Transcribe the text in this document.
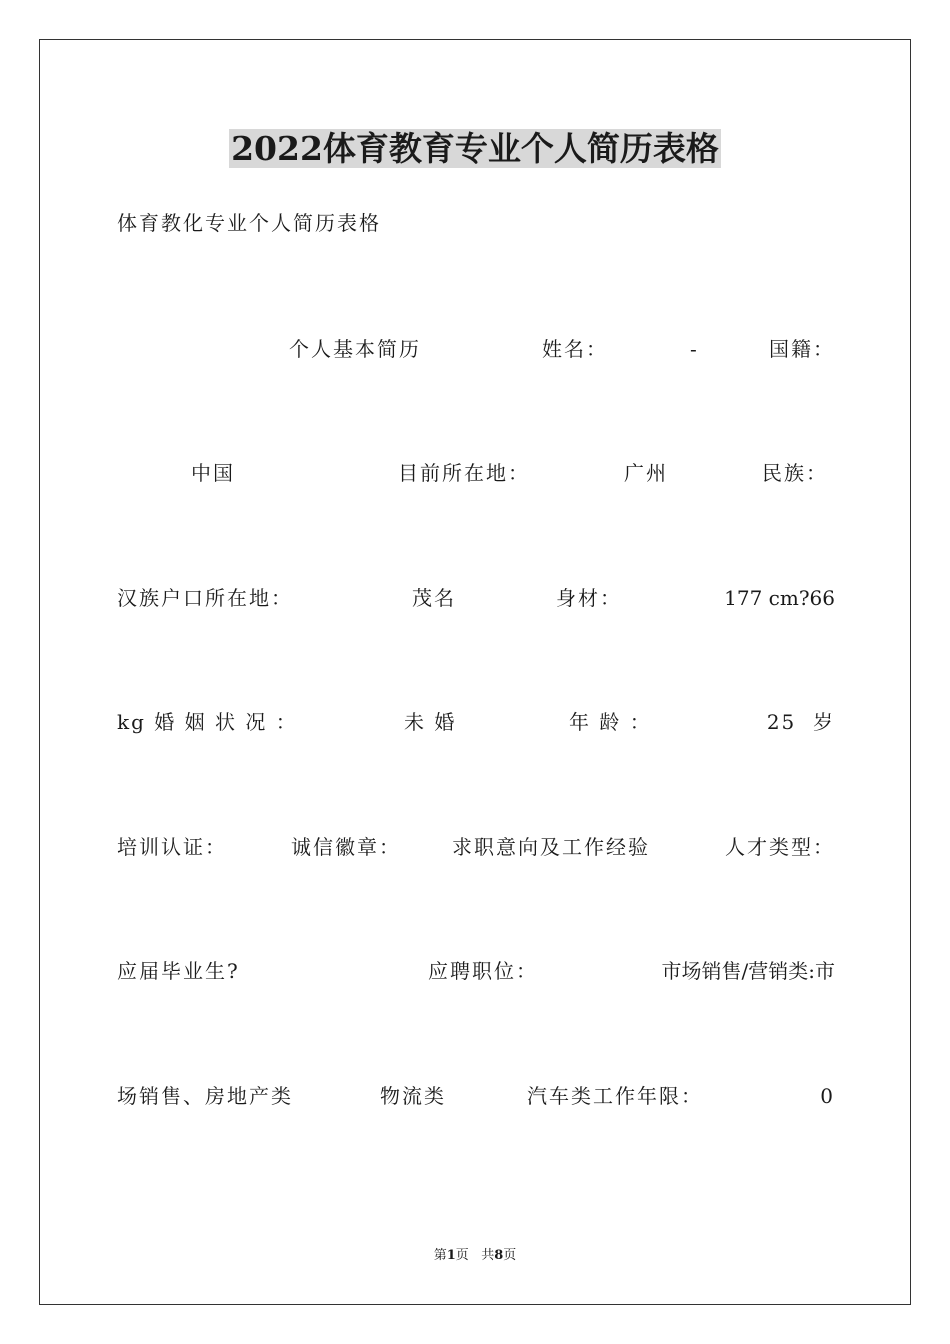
2022体育教育专业个人简历表格
体育教化专业个人简历表格
个人基本简历	姓名：	-	国籍：
中国	目前所在地：	广州	民族：
汉族户口所在地：	茂名	身材：	177 cm?66
kg 婚 姻 状 况 ：	未 婚	年 龄 ：	25  岁
培训认证：	诚信徽章：	求职意向及工作经验	人才类型：
应届毕业生?	应聘职位：	市场销售/营销类:市
场销售、房地产类	物流类	汽车类工作年限：	0
第1页   共8页
